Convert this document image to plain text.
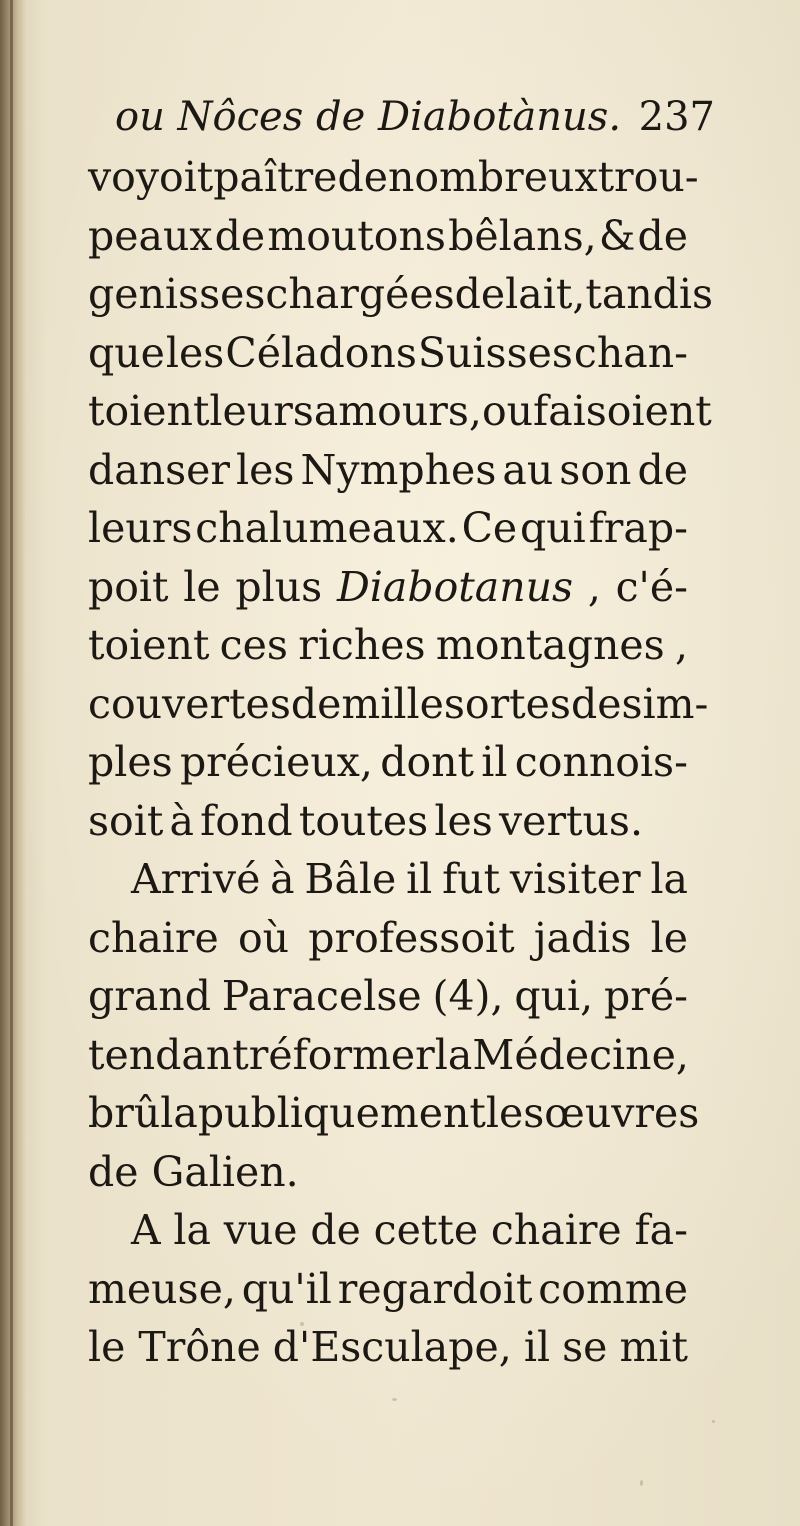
ou Nôces de Diabotànus. 237
voyoit paître de nombreux trou-
peaux de moutons bêlans, & de
genisses chargées de lait, tandis
que les Céladons Suisses chan-
toient leurs amours, ou faisoient
danser les Nymphes au son de
leurs chalumeaux. Ce qui frap-
poit le plus Diabotanus , c'é-
toient ces riches montagnes ,
couvertes de mille sortes de sim-
ples précieux, dont il connois-
soit à fond toutes les vertus.
Arrivé à Bâle il fut visiter la
chaire où professoit jadis le
grand Paracelse (4), qui, pré-
tendant réformer la Médecine,
brûla publiquement les œuvres
de Galien.
A la vue de cette chaire fa-
meuse, qu'il regardoit comme
le Trône d'Esculape, il se mit
